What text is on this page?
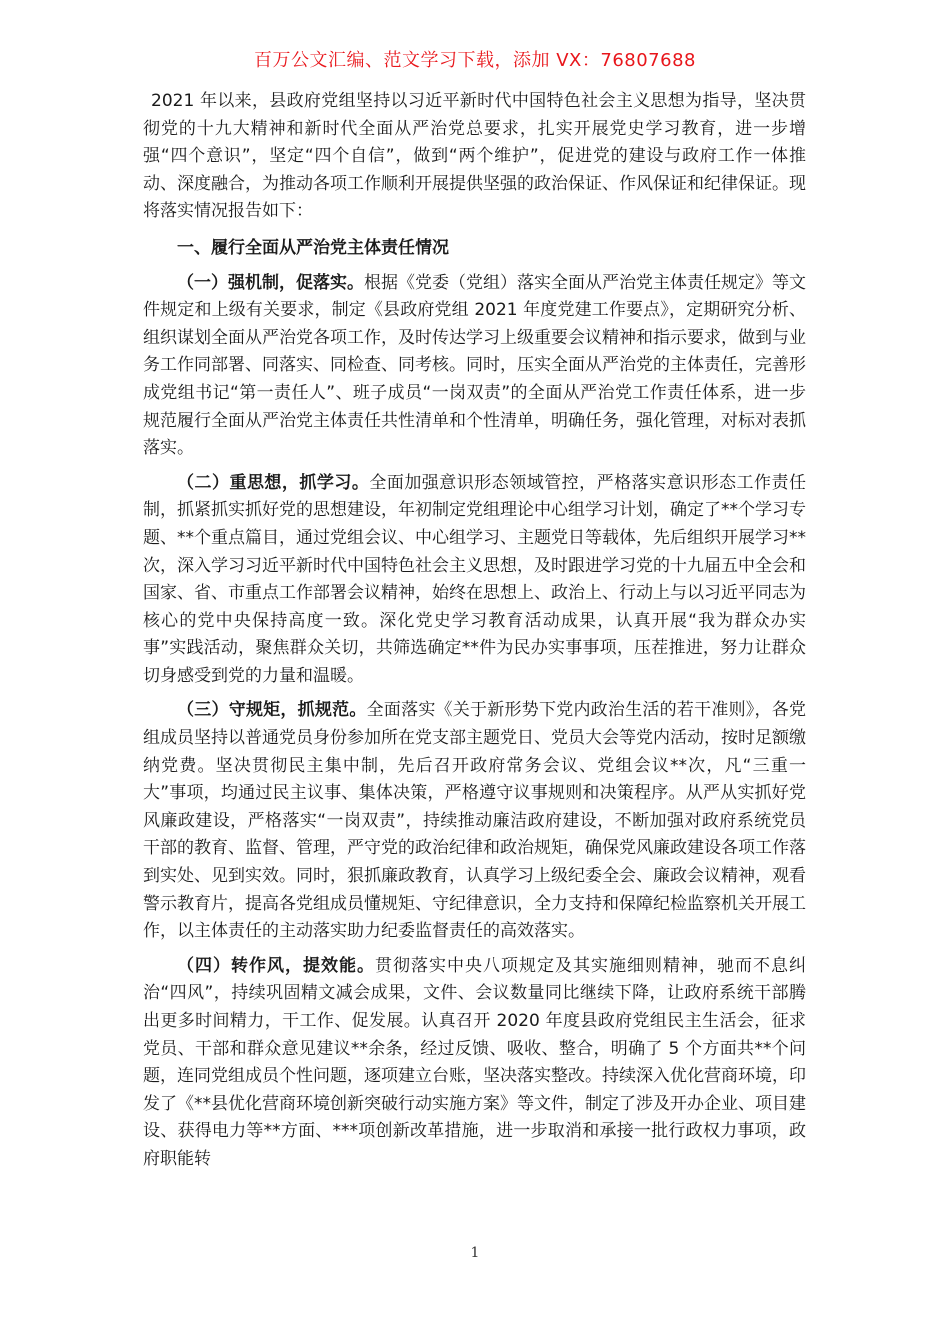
百万公文汇编、范文学习下载，添加 VX：76807688

2021 年以来，县政府党组坚持以习近平新时代中国特色社会主义思想为指导，坚决贯彻党的十九大精神和新时代全面从严治党总要求，扎实开展党史学习教育，进一步增强“四个意识”，坚定“四个自信”，做到“两个维护”，促进党的建设与政府工作一体推动、深度融合，为推动各项工作顺利开展提供坚强的政治保证、作风保证和纪律保证。现将落实情况报告如下：

一、履行全面从严治党主体责任情况

（一）强机制，促落实。根据《党委（党组）落实全面从严治党主体责任规定》等文件规定和上级有关要求，制定《县政府党组 2021 年度党建工作要点》，定期研究分析、组织谋划全面从严治党各项工作，及时传达学习上级重要会议精神和指示要求，做到与业务工作同部署、同落实、同检查、同考核。同时，压实全面从严治党的主体责任，完善形成党组书记“第一责任人”、班子成员“一岗双责”的全面从严治党工作责任体系，进一步规范履行全面从严治党主体责任共性清单和个性清单，明确任务，强化管理，对标对表抓落实。

（二）重思想，抓学习。全面加强意识形态领域管控，严格落实意识形态工作责任制，抓紧抓实抓好党的思想建设，年初制定党组理论中心组学习计划，确定了**个学习专题、**个重点篇目，通过党组会议、中心组学习、主题党日等载体，先后组织开展学习**次，深入学习习近平新时代中国特色社会主义思想，及时跟进学习党的十九届五中全会和国家、省、市重点工作部署会议精神，始终在思想上、政治上、行动上与以习近平同志为核心的党中央保持高度一致。深化党史学习教育活动成果，认真开展“我为群众办实事”实践活动，聚焦群众关切，共筛选确定**件为民办实事事项，压茬推进，努力让群众切身感受到党的力量和温暖。

（三）守规矩，抓规范。全面落实《关于新形势下党内政治生活的若干准则》，各党组成员坚持以普通党员身份参加所在党支部主题党日、党员大会等党内活动，按时足额缴纳党费。坚决贯彻民主集中制，先后召开政府常务会议、党组会议**次，凡“三重一大”事项，均通过民主议事、集体决策，严格遵守议事规则和决策程序。从严从实抓好党风廉政建设，严格落实“一岗双责”，持续推动廉洁政府建设，不断加强对政府系统党员干部的教育、监督、管理，严守党的政治纪律和政治规矩，确保党风廉政建设各项工作落到实处、见到实效。同时，狠抓廉政教育，认真学习上级纪委全会、廉政会议精神，观看警示教育片，提高各党组成员懂规矩、守纪律意识，全力支持和保障纪检监察机关开展工作，以主体责任的主动落实助力纪委监督责任的高效落实。

（四）转作风，提效能。贯彻落实中央八项规定及其实施细则精神，驰而不息纠治“四风”，持续巩固精文减会成果，文件、会议数量同比继续下降，让政府系统干部腾出更多时间精力，干工作、促发展。认真召开 2020 年度县政府党组民主生活会，征求党员、干部和群众意见建议**余条，经过反馈、吸收、整合，明确了 5 个方面共**个问题，连同党组成员个性问题，逐项建立台账，坚决落实整改。持续深入优化营商环境，印发了《**县优化营商环境创新突破行动实施方案》等文件，制定了涉及开办企业、项目建设、获得电力等**方面、***项创新改革措施，进一步取消和承接一批行政权力事项，政府职能转

1
